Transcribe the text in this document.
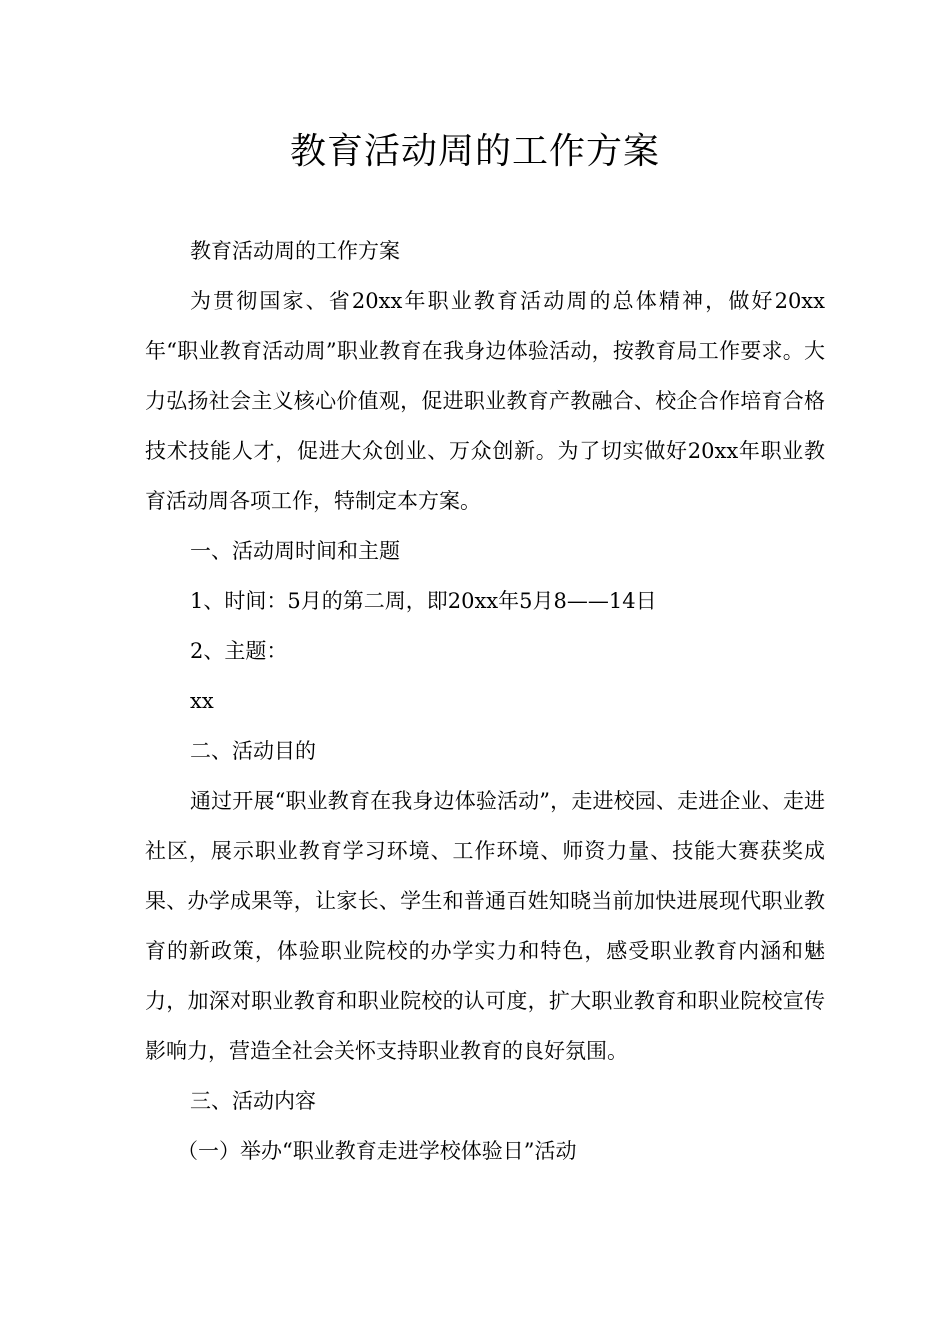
教育活动周的工作方案

教育活动周的工作方案

为贯彻国家、省20xx年职业教育活动周的总体精神，做好20xx年“职业教育活动周”职业教育在我身边体验活动，按教育局工作要求。大力弘扬社会主义核心价值观，促进职业教育产教融合、校企合作培育合格技术技能人才，促进大众创业、万众创新。为了切实做好20xx年职业教育活动周各项工作，特制定本方案。

一、活动周时间和主题

1、时间：5月的第二周，即20xx年5月8——14日

2、主题：

xx

二、活动目的

通过开展“职业教育在我身边体验活动”，走进校园、走进企业、走进社区，展示职业教育学习环境、工作环境、师资力量、技能大赛获奖成果、办学成果等，让家长、学生和普通百姓知晓当前加快进展现代职业教育的新政策，体验职业院校的办学实力和特色，感受职业教育内涵和魅力，加深对职业教育和职业院校的认可度，扩大职业教育和职业院校宣传影响力，营造全社会关怀支持职业教育的良好氛围。

三、活动内容

（一）举办“职业教育走进学校体验日”活动
